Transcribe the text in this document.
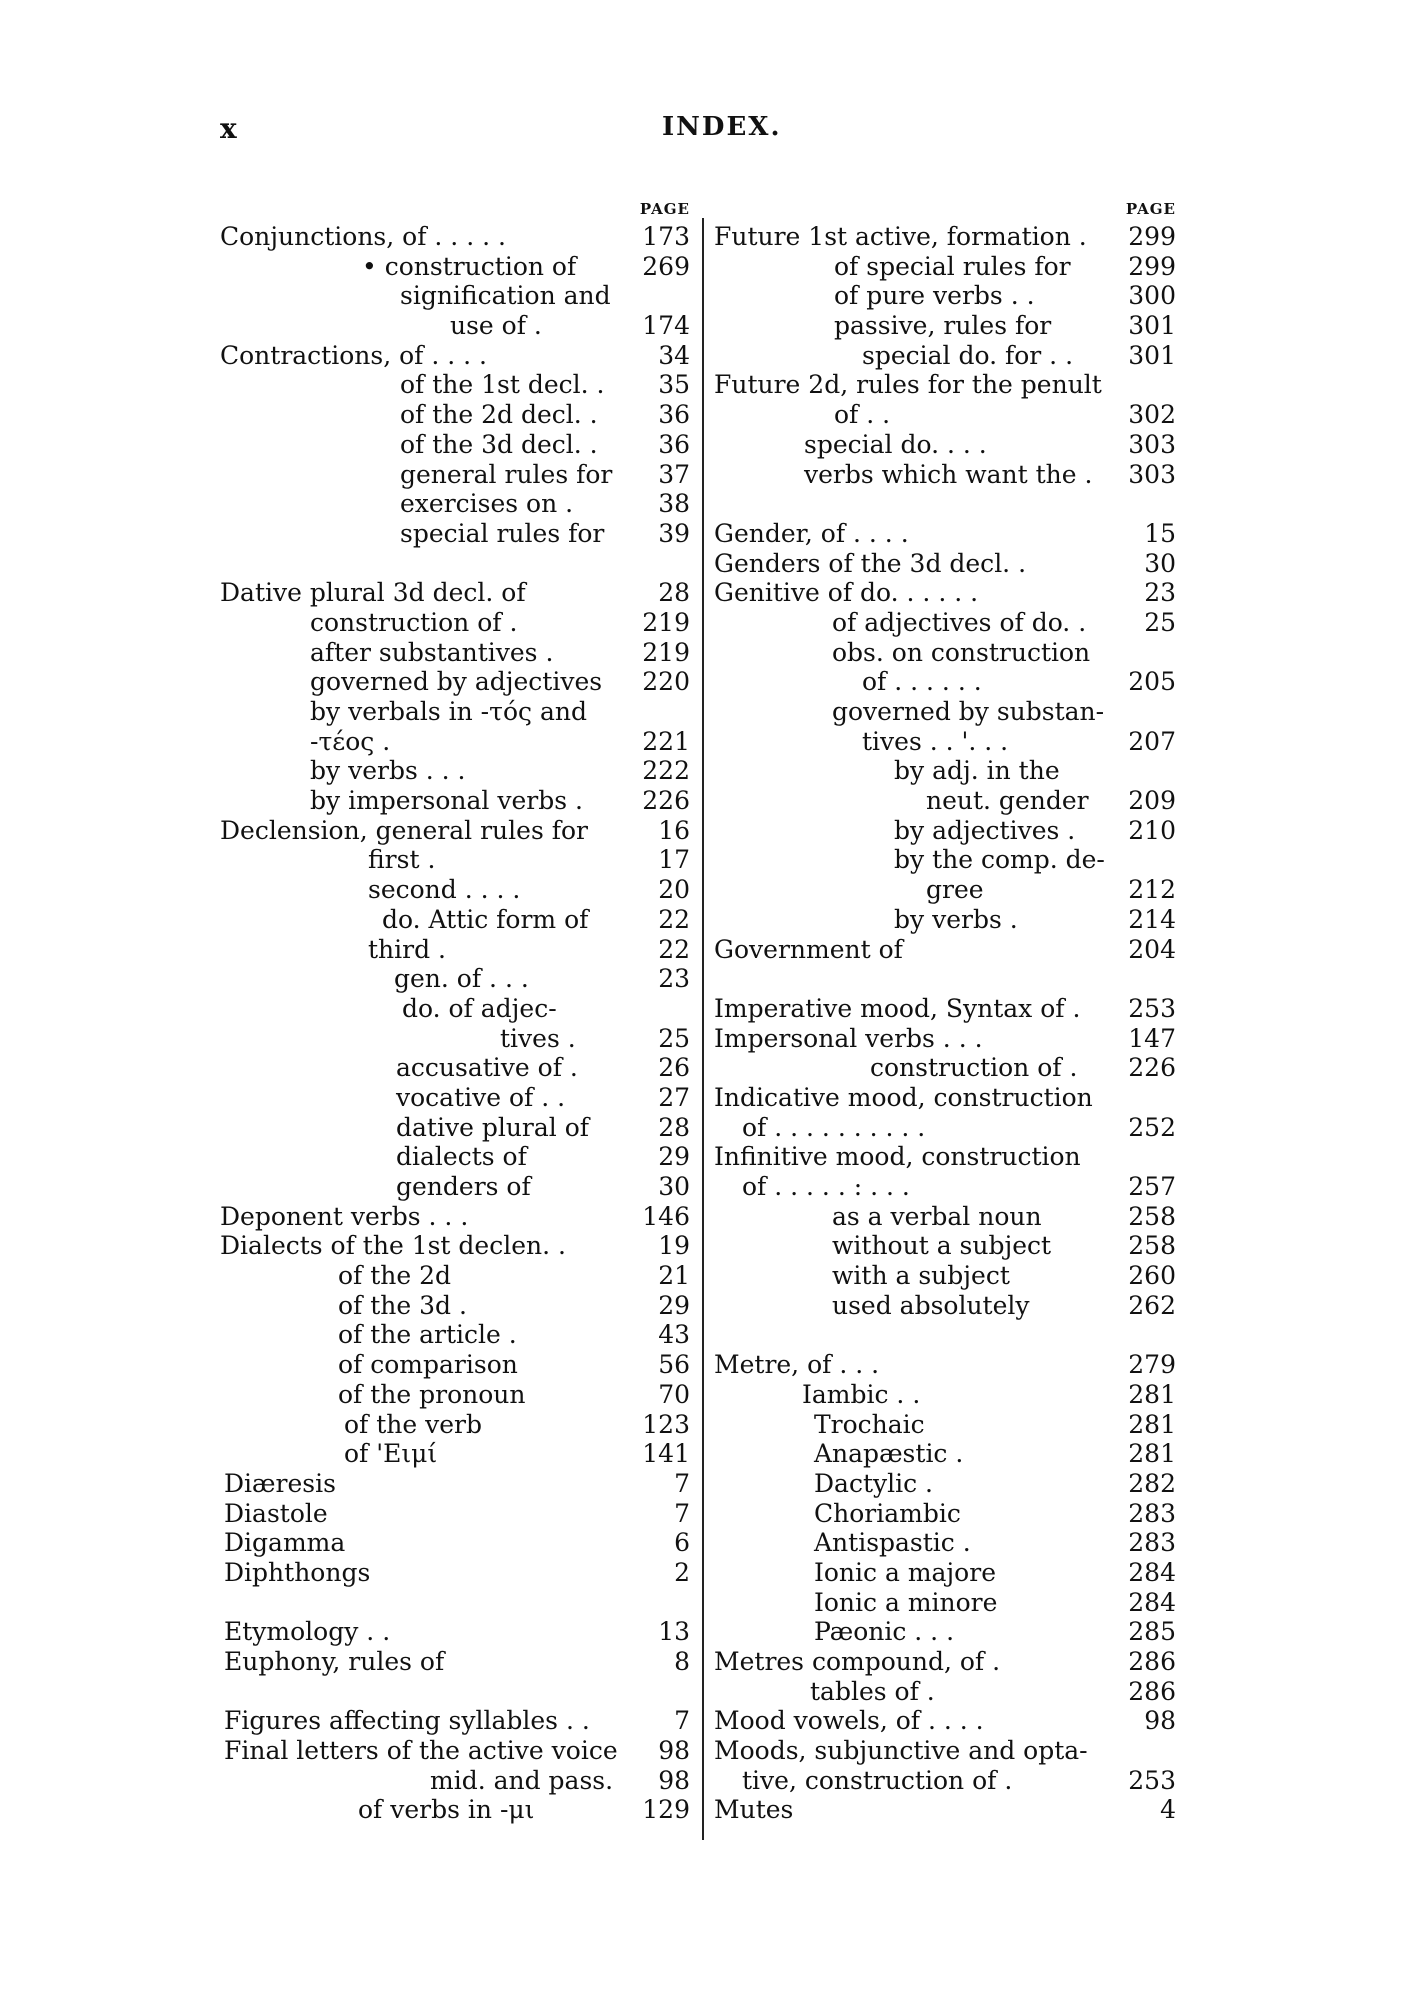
x	INDEX.
PAGE
Conjunctions, of . . . . .	173
• construction of	269
signification and
use of .	174
Contractions, of . . . .	34
of the 1st decl. . 35
of the 2d decl. . 36
of the 3d decl. . 36
general rules for 37
exercises on .	38
special rules for 39
Dative plural 3d decl. of	28
construction of .	219
after substantives .	219
governed by adjectives 220
by verbals in -τός and
-τέος .	221
by verbs . . .	222
by impersonal verbs . 226
Declension, general rules for	16
first .	17
second . . . .	20
do. Attic form of	22
third .	22
gen. of . . .	23
do. of adjec-
tives .	25
accusative of .	26
vocative of . .	27
dative plural of	28
dialects of	29
genders of	30
Deponent verbs . . .	146
Dialects of the 1st declen. .	19
of the 2d	21
of the 3d .	29
of the article .	43
of comparison	56
of the pronoun	70
of the verb	123
of 'Eιμί	141
Diæresis	7
Diastole	7
Digamma	6
Diphthongs	2
Etymology . .	13
Euphony, rules of	8
Figures affecting syllables . .	7
Final letters of the active voice 98
mid. and pass. 98
of verbs in -μι	129
PAGE
Future 1st active, formation . 299
of special rules for 299
of pure verbs . .	300
passive, rules for	301
special do. for . . 301
Future 2d, rules for the penult
of . .	302
special do. . . .	303
verbs which want the . 303
Gender, of . . . .	15
Genders of the 3d decl. .	30
Genitive of do. . . . . .	23
of adjectives of do. . 25
obs. on construction
of . . . . . .	205
governed by substan-
tives . . '. . .	207
by adj. in the
neut. gender 209
by adjectives . 210
by the comp. de-
gree	212
by verbs .	214
Government of	204
Imperative mood, Syntax of . 253
Impersonal verbs . . .	147
construction of . 226
Indicative mood, construction
of . . . . . . . . . .	252
Infinitive mood, construction
of . . . . . : . . .	257
as a verbal noun	258
without a subject	258
with a subject	260
used absolutely	262
Metre, of . . .	279
Iambic . .	281
Trochaic	281
Anapæstic .	281
Dactylic .	282
Choriambic	283
Antispastic .	283
Ionic a majore	284
Ionic a minore	284
Pæonic . . .	285
Metres compound, of .	286
tables of .	286
Mood vowels, of . . . .	98
Moods, subjunctive and opta-
tive, construction of .	253
Mutes	4
